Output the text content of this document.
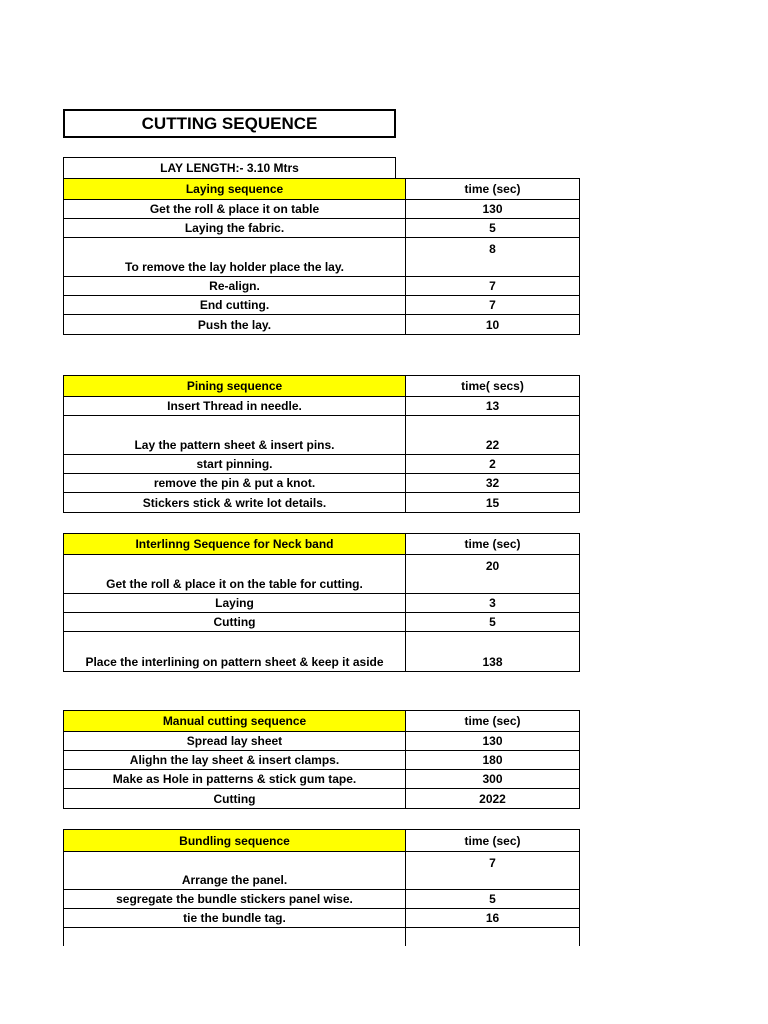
CUTTING SEQUENCE
LAY LENGTH:- 3.10 Mtrs
Laying sequence	time (sec)
Get the roll & place it on table	130
Laying the fabric.	5
To remove the lay holder place the lay.	8
Re-align.	7
End cutting.	7
Push the lay.	10
Pining sequence	time( secs)
Insert Thread in needle.	13
Lay the pattern sheet & insert pins.	22
start pinning.	2
remove the pin & put a knot.	32
Stickers stick & write lot details.	15
Interlinng Sequence for Neck band	time (sec)
Get the roll & place it on the table for cutting.	20
Laying	3
Cutting	5
Place the interlining on pattern sheet & keep it aside	138
Manual cutting sequence	time (sec)
Spread lay sheet	130
Alighn the lay sheet & insert clamps.	180
Make as Hole in patterns & stick gum tape.	300
Cutting	2022
Bundling sequence	time (sec)
Arrange the panel.	7
segregate the bundle stickers panel wise.	5
tie the bundle tag.	16
